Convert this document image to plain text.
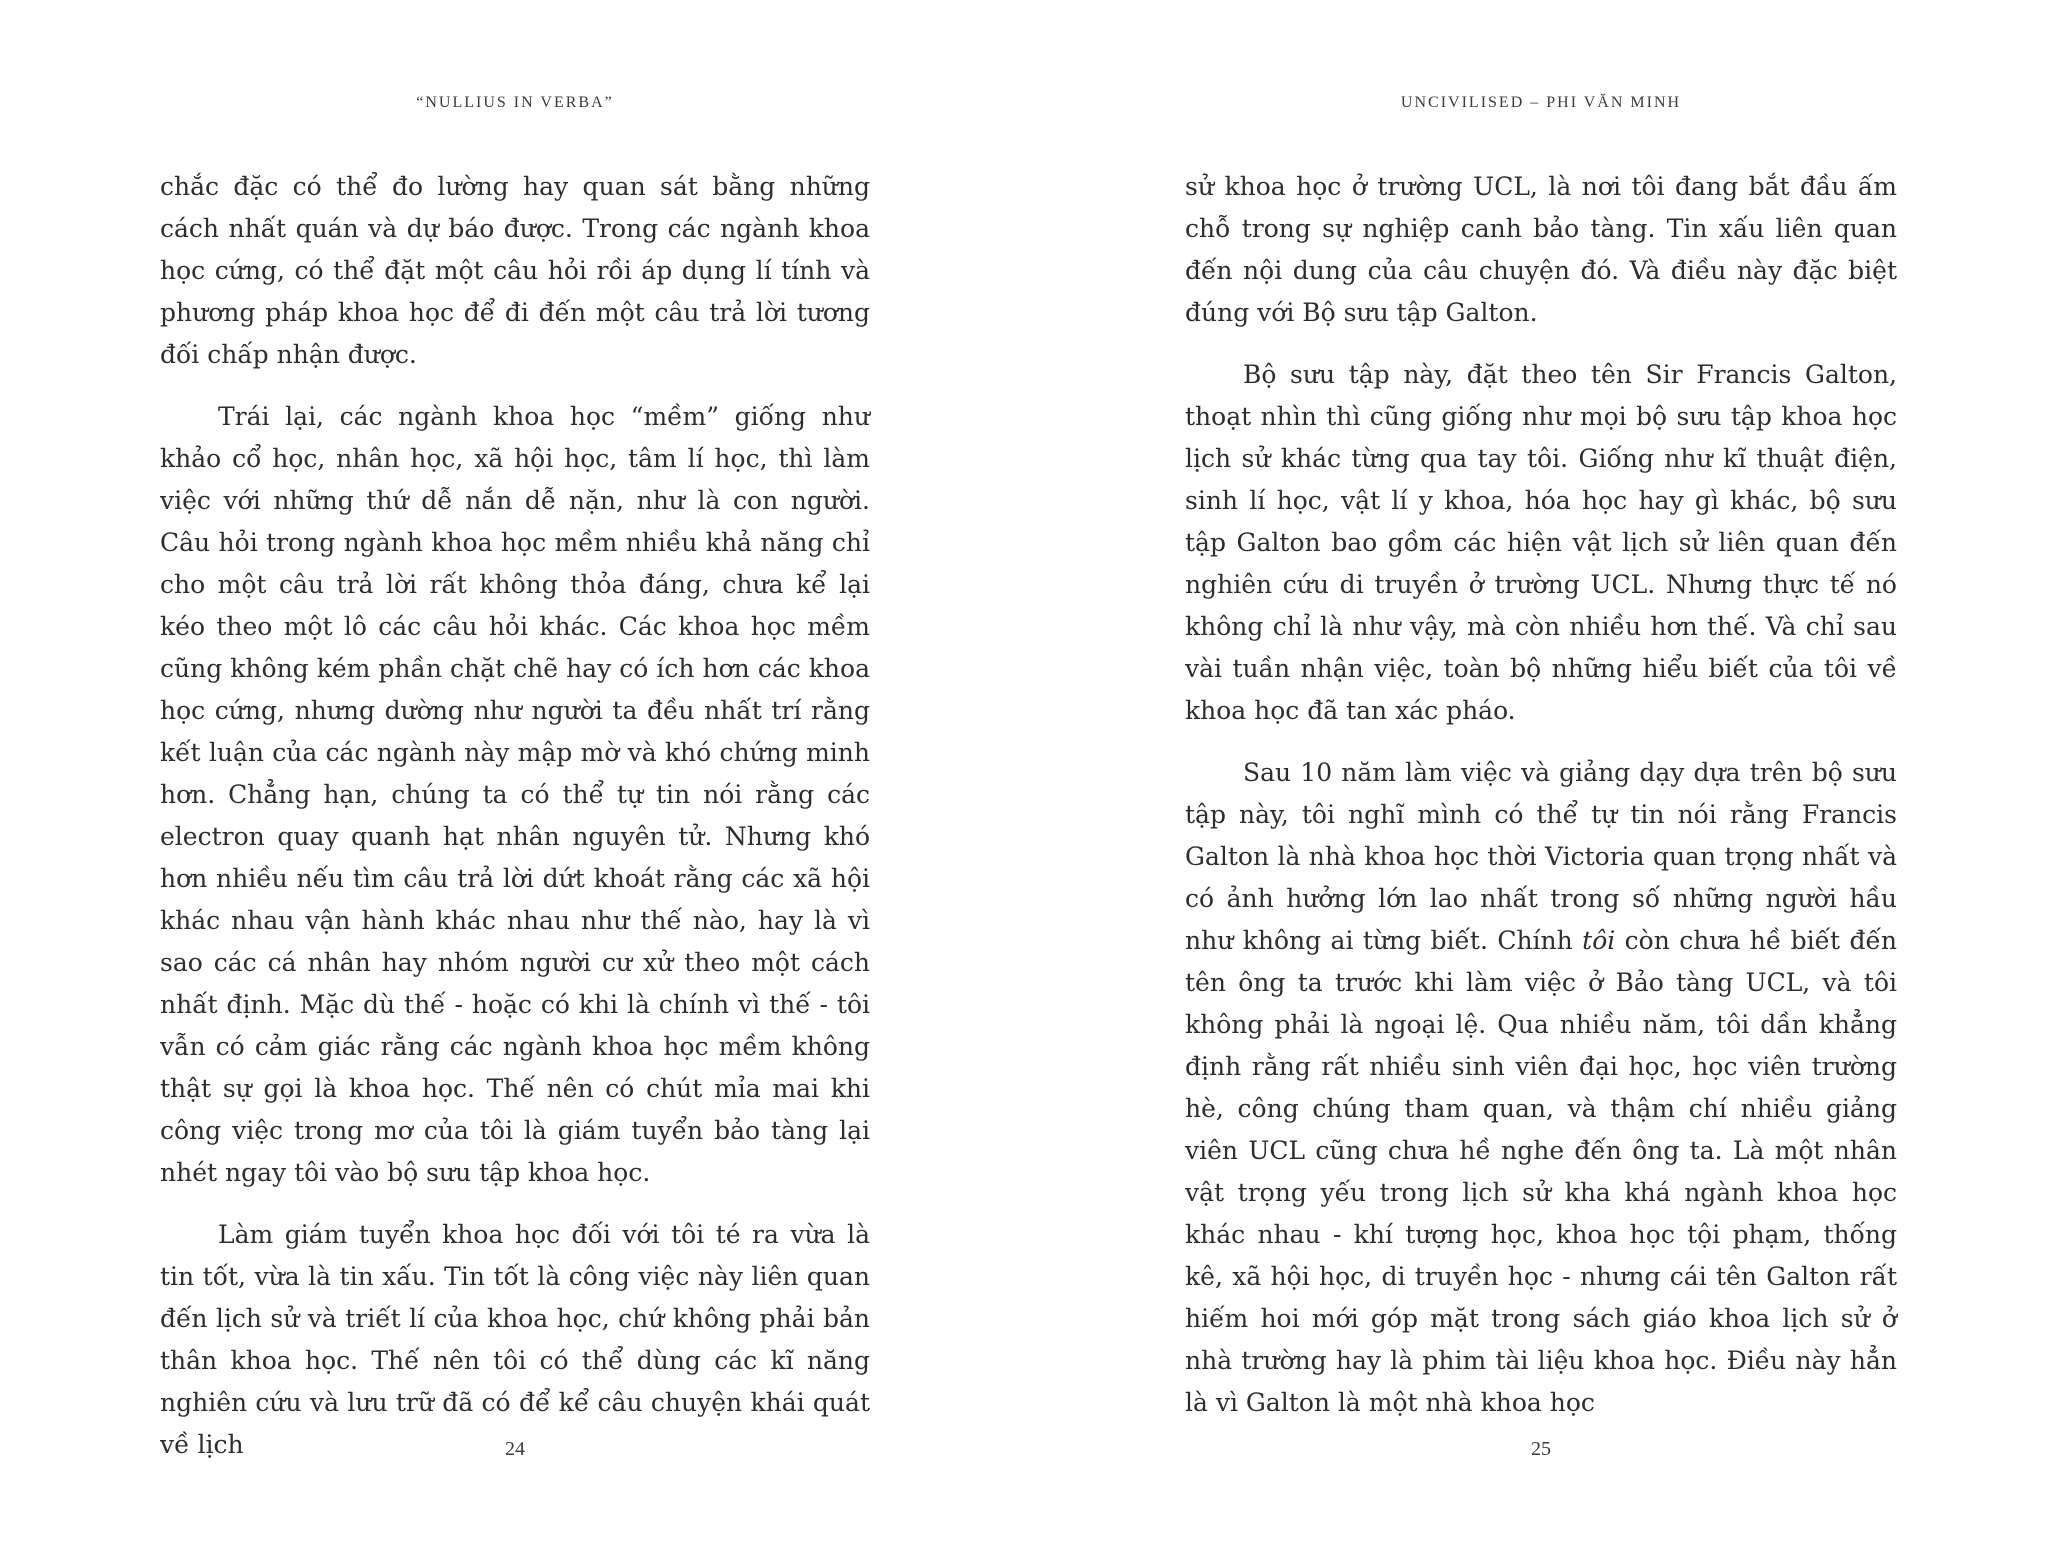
“NULLIUS IN VERBA”

chắc đặc có thể đo lường hay quan sát bằng những cách nhất quán và dự báo được. Trong các ngành khoa học cứng, có thể đặt một câu hỏi rồi áp dụng lí tính và phương pháp khoa học để đi đến một câu trả lời tương đối chấp nhận được.

Trái lại, các ngành khoa học “mềm” giống như khảo cổ học, nhân học, xã hội học, tâm lí học, thì làm việc với những thứ dễ nắn dễ nặn, như là con người. Câu hỏi trong ngành khoa học mềm nhiều khả năng chỉ cho một câu trả lời rất không thỏa đáng, chưa kể lại kéo theo một lô các câu hỏi khác. Các khoa học mềm cũng không kém phần chặt chẽ hay có ích hơn các khoa học cứng, nhưng dường như người ta đều nhất trí rằng kết luận của các ngành này mập mờ và khó chứng minh hơn. Chẳng hạn, chúng ta có thể tự tin nói rằng các electron quay quanh hạt nhân nguyên tử. Nhưng khó hơn nhiều nếu tìm câu trả lời dứt khoát rằng các xã hội khác nhau vận hành khác nhau như thế nào, hay là vì sao các cá nhân hay nhóm người cư xử theo một cách nhất định. Mặc dù thế - hoặc có khi là chính vì thế - tôi vẫn có cảm giác rằng các ngành khoa học mềm không thật sự gọi là khoa học. Thế nên có chút mỉa mai khi công việc trong mơ của tôi là giám tuyển bảo tàng lại nhét ngay tôi vào bộ sưu tập khoa học.

Làm giám tuyển khoa học đối với tôi té ra vừa là tin tốt, vừa là tin xấu. Tin tốt là công việc này liên quan đến lịch sử và triết lí của khoa học, chứ không phải bản thân khoa học. Thế nên tôi có thể dùng các kĩ năng nghiên cứu và lưu trữ đã có để kể câu chuyện khái quát về lịch	24
UNCIVILISED – PHI VĂN MINH

sử khoa học ở trường UCL, là nơi tôi đang bắt đầu ấm chỗ trong sự nghiệp canh bảo tàng. Tin xấu liên quan đến nội dung của câu chuyện đó. Và điều này đặc biệt đúng với Bộ sưu tập Galton.

Bộ sưu tập này, đặt theo tên Sir Francis Galton, thoạt nhìn thì cũng giống như mọi bộ sưu tập khoa học lịch sử khác từng qua tay tôi. Giống như kĩ thuật điện, sinh lí học, vật lí y khoa, hóa học hay gì khác, bộ sưu tập Galton bao gồm các hiện vật lịch sử liên quan đến nghiên cứu di truyền ở trường UCL. Nhưng thực tế nó không chỉ là như vậy, mà còn nhiều hơn thế. Và chỉ sau vài tuần nhận việc, toàn bộ những hiểu biết của tôi về khoa học đã tan xác pháo.

Sau 10 năm làm việc và giảng dạy dựa trên bộ sưu tập này, tôi nghĩ mình có thể tự tin nói rằng Francis Galton là nhà khoa học thời Victoria quan trọng nhất và có ảnh hưởng lớn lao nhất trong số những người hầu như không ai từng biết. Chính tôi còn chưa hề biết đến tên ông ta trước khi làm việc ở Bảo tàng UCL, và tôi không phải là ngoại lệ. Qua nhiều năm, tôi dần khẳng định rằng rất nhiều sinh viên đại học, học viên trường hè, công chúng tham quan, và thậm chí nhiều giảng viên UCL cũng chưa hề nghe đến ông ta. Là một nhân vật trọng yếu trong lịch sử kha khá ngành khoa học khác nhau - khí tượng học, khoa học tội phạm, thống kê, xã hội học, di truyền học - nhưng cái tên Galton rất hiếm hoi mới góp mặt trong sách giáo khoa lịch sử ở nhà trường hay là phim tài liệu khoa học. Điều này hẳn là vì Galton là một nhà khoa học

25
